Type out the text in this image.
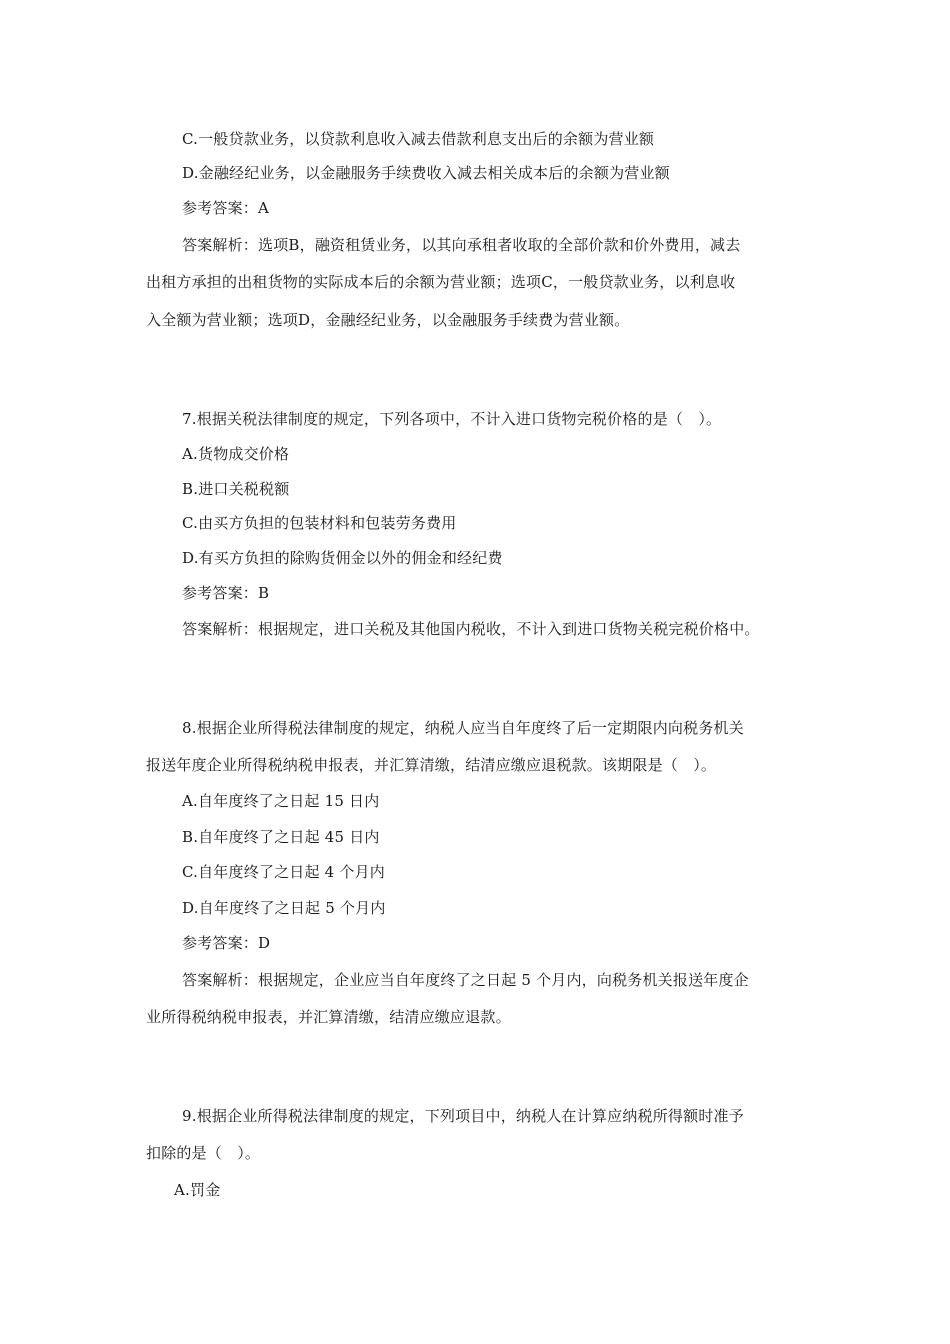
C.一般贷款业务，以贷款利息收入减去借款利息支出后的余额为营业额
D.金融经纪业务，以金融服务手续费收入减去相关成本后的余额为营业额
参考答案：A
答案解析：选项B，融资租赁业务，以其向承租者收取的全部价款和价外费用，减去
出租方承担的出租货物的实际成本后的余额为营业额；选项C，一般贷款业务，以利息收
入全额为营业额；选项D，金融经纪业务，以金融服务手续费为营业额。
7.根据关税法律制度的规定，下列各项中，不计入进口货物完税价格的是（　）。
A.货物成交价格
B.进口关税税额
C.由买方负担的包装材料和包装劳务费用
D.有买方负担的除购货佣金以外的佣金和经纪费
参考答案：B
答案解析：根据规定，进口关税及其他国内税收，不计入到进口货物关税完税价格中。
8.根据企业所得税法律制度的规定，纳税人应当自年度终了后一定期限内向税务机关
报送年度企业所得税纳税申报表，并汇算清缴，结清应缴应退税款。该期限是（　）。
A.自年度终了之日起 15 日内
B.自年度终了之日起 45 日内
C.自年度终了之日起 4 个月内
D.自年度终了之日起 5 个月内
参考答案：D
答案解析：根据规定，企业应当自年度终了之日起 5 个月内，向税务机关报送年度企
业所得税纳税申报表，并汇算清缴，结清应缴应退款。
9.根据企业所得税法律制度的规定，下列项目中，纳税人在计算应纳税所得额时准予
扣除的是（　）。
A.罚金
